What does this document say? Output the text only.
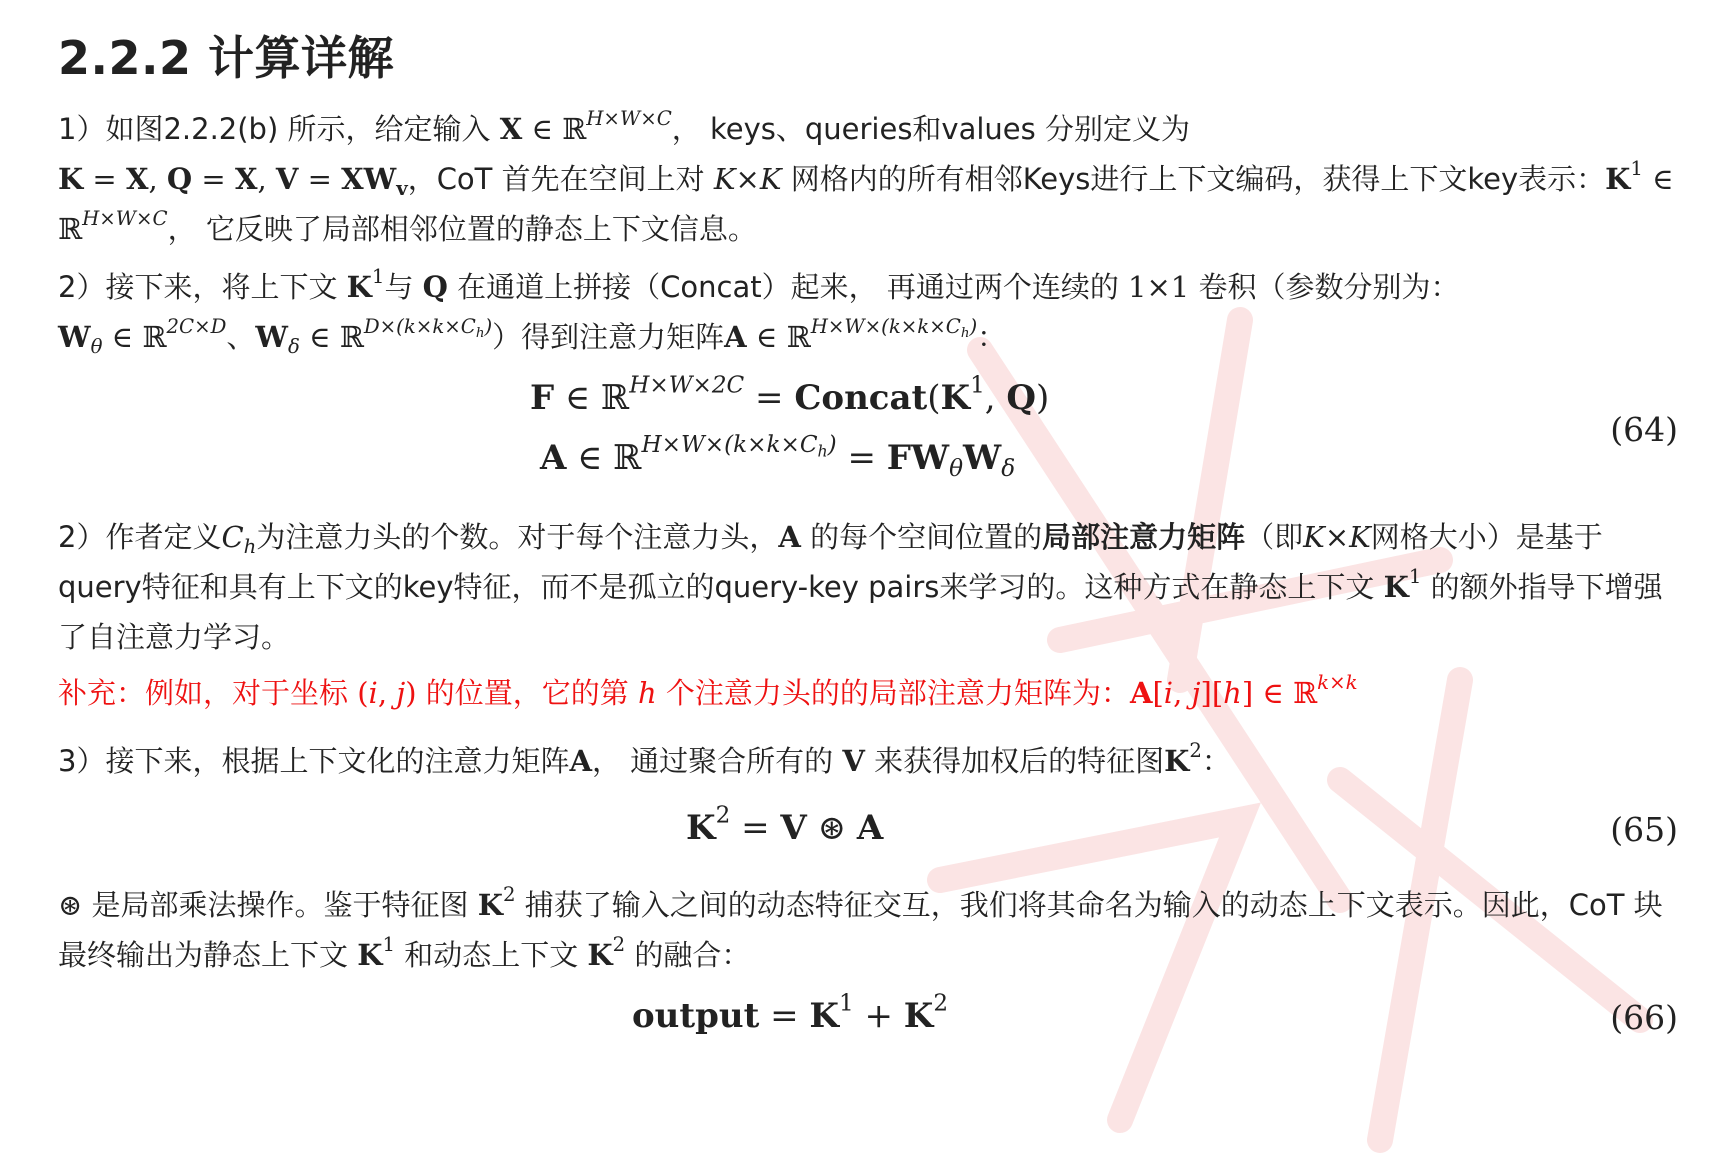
2.2.2 计算详解
1）如图2.2.2(b) 所示，给定输入 X ∈ ℝ$^{H\times W\times C}$， keys、queries和values 分别定义为
K = X, Q = X, $V = XW_v$，CoT 首先在空间上对 K×K 网格内的所有相邻Keys进行上下文编码，获得上下文key表示：$K^1$ ∈ ℝ$^{H\times W\times C}$， 它反映了局部相邻位置的静态上下文信息。
2）接下来，将上下文 $K^1$与 Q 在通道上拼接（Concat）起来， 再通过两个连续的 1×1 卷积（参数分别为：
$W_\theta$ ∈ ℝ$^{2C\times D}$、$W_\delta$ ∈ ℝ$^{D\times(k\times k\times C_h)}$）得到注意力矩阵A ∈ ℝ$^{H\times W\times(k\times k\times C_h)}$：
F ∈ ℝ$^{H\times W\times 2C}$ = $Concat(K^1$, Q)
A ∈ ℝ$^{H\times W\times(k\times k\times C_h)}$ = $FW_\theta W_\delta$
(64)
2）作者定义$C_h$为注意力头的个数。对于每个注意力头，A 的每个空间位置的局部注意力矩阵（即K×K网格大小）是基于query特征和具有上下文的key特征，而不是孤立的query-key pairs来学习的。这种方式在静态上下文 $K^1$ 的额外指导下增强了自注意力学习。
补充：例如，对于坐标 (i, j) 的位置，它的第 h 个注意力头的的局部注意力矩阵为：A[i, j][h] ∈ ℝ$^{k\times k}$
3）接下来，根据上下文化的注意力矩阵A， 通过聚合所有的 V 来获得加权后的特征图$K^2$：
$K^2 = V$ ⊛ A	(65)
⊛ 是局部乘法操作。鉴于特征图 $K^2$ 捕获了输入之间的动态特征交互，我们将其命名为输入的动态上下文表示。因此，CoT 块最终输出为静态上下文 $K^1$ 和动态上下文 $K^2$ 的融合：
output = $K^1 + K^2$	(66)
